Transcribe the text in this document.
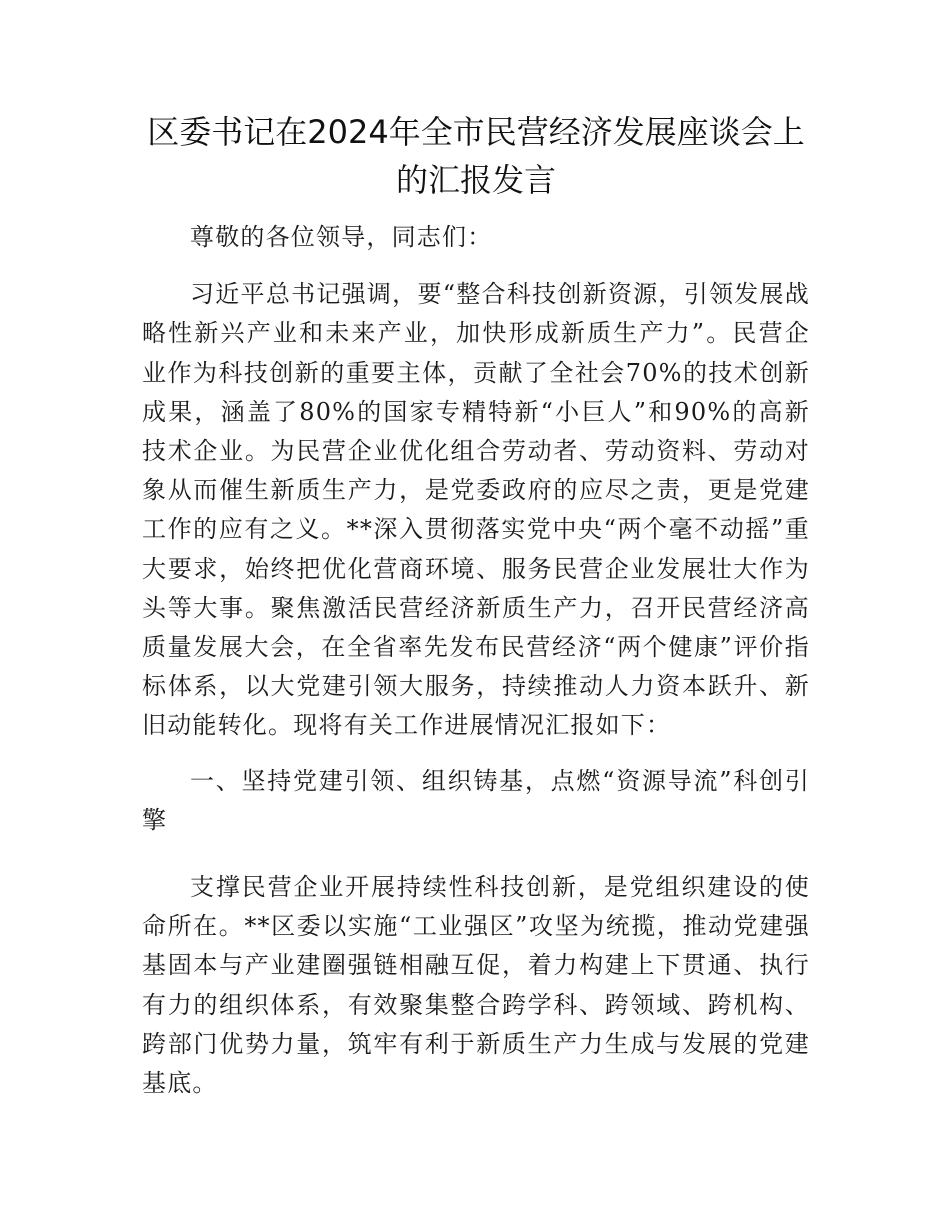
区委书记在2024年全市民营经济发展座谈会上的汇报发言

尊敬的各位领导，同志们：

习近平总书记强调，要“整合科技创新资源，引领发展战略性新兴产业和未来产业，加快形成新质生产力”。民营企业作为科技创新的重要主体，贡献了全社会70%的技术创新成果，涵盖了80%的国家专精特新“小巨人”和90%的高新技术企业。为民营企业优化组合劳动者、劳动资料、劳动对象从而催生新质生产力，是党委政府的应尽之责，更是党建工作的应有之义。**深入贯彻落实党中央“两个毫不动摇”重大要求，始终把优化营商环境、服务民营企业发展壮大作为头等大事。聚焦激活民营经济新质生产力，召开民营经济高质量发展大会，在全省率先发布民营经济“两个健康”评价指标体系，以大党建引领大服务，持续推动人力资本跃升、新旧动能转化。现将有关工作进展情况汇报如下：

一、坚持党建引领、组织铸基，点燃“资源导流”科创引擎

支撑民营企业开展持续性科技创新，是党组织建设的使命所在。**区委以实施“工业强区”攻坚为统揽，推动党建强基固本与产业建圈强链相融互促，着力构建上下贯通、执行有力的组织体系，有效聚集整合跨学科、跨领域、跨机构、跨部门优势力量，筑牢有利于新质生产力生成与发展的党建基底。
